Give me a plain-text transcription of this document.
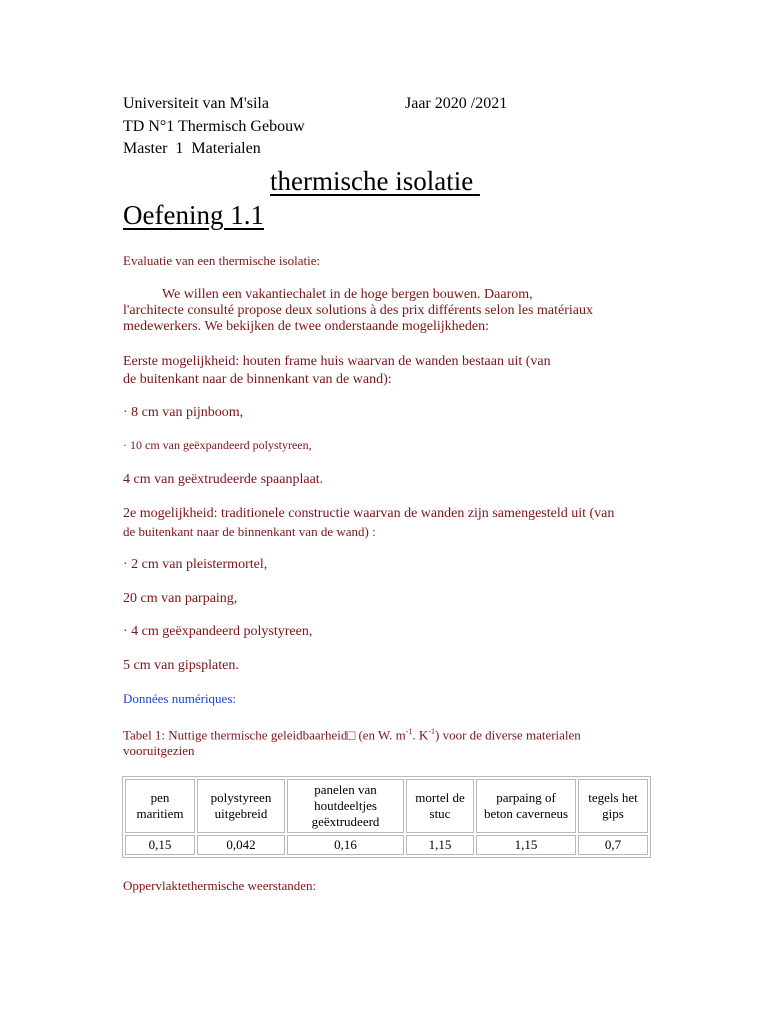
Universiteit van M'sila	Jaar 2020 /2021
TD N°1 Thermisch Gebouw
Master  1  Materialen
thermische isolatie
Oefening 1.1
Evaluatie van een thermische isolatie:
We willen een vakantiechalet in de hoge bergen bouwen. Daarom,
l'architecte consulté propose deux solutions à des prix différents selon les matériaux
medewerkers. We bekijken de twee onderstaande mogelijkheden:
Eerste mogelijkheid: houten frame huis waarvan de wanden bestaan uit (van
de buitenkant naar de binnenkant van de wand):
· 8 cm van pijnboom,
· 10 cm van geëxpandeerd polystyreen,
4 cm van geëxtrudeerde spaanplaat.
2e mogelijkheid: traditionele constructie waarvan de wanden zijn samengesteld uit (van
de buitenkant naar de binnenkant van de wand) :
· 2 cm van pleistermortel,
20 cm van parpaing,
· 4 cm geëxpandeerd polystyreen,
5 cm van gipsplaten.
Données numériques:
Tabel 1: Nuttige thermische geleidbaarheid□ (en W. $m^{-1}$. $K^{-1}$) voor de diverse materialen
vooruitgezien
pen maritiem	polystyreen uitgebreid	panelen van houtdeeltjes geëxtrudeerd	mortel de stuc	parpaing of beton caverneus	tegels het gips
0,15	0,042	0,16	1,15	1,15	0,7
Oppervlaktethermische weerstanden:
